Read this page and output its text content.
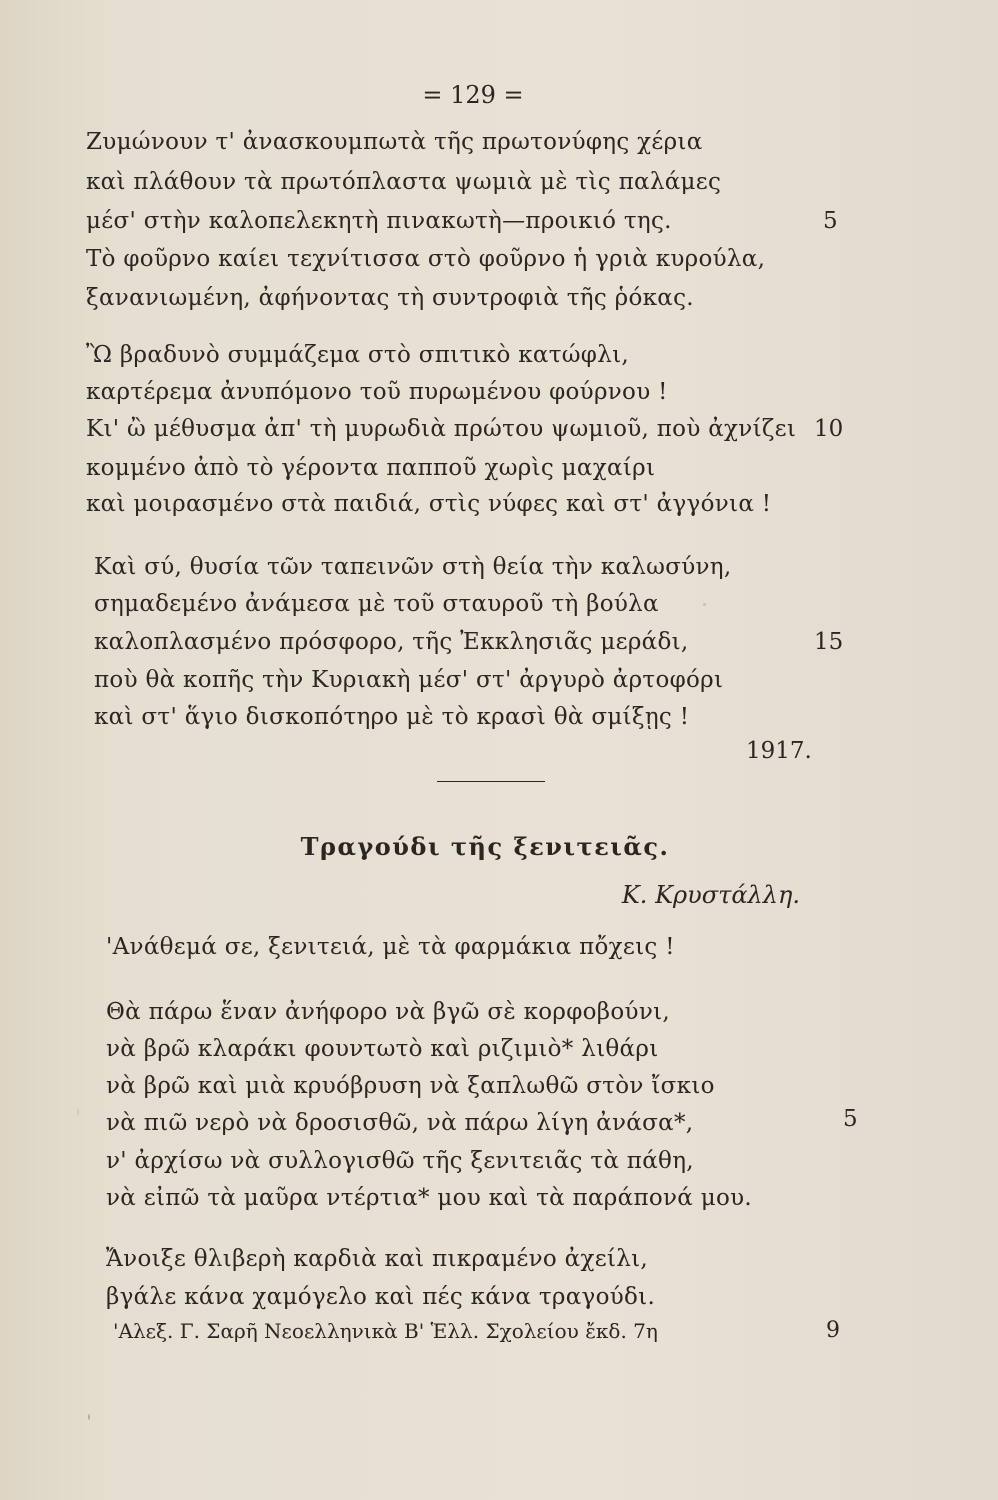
= 129 =
Ζυμώνουν τ' ἀνασκουμπωτὰ τῆς πρωτονύφης χέρια
καὶ πλάθουν τὰ πρωτόπλαστα ψωμιὰ μὲ τὶς παλάμες
μέσ' στὴν καλοπελεκητὴ πινακωτὴ—προικιό της.	5
Τὸ φοῦρνο καίει τεχνίτισσα στὸ φοῦρνο ἡ γριὰ κυρούλα,
ξανανιωμένη, ἀφήνοντας τὴ συντροφιὰ τῆς ῥόκας.
Ὢ βραδυνὸ συμμάζεμα στὸ σπιτικὸ κατώφλι,
καρτέρεμα ἀνυπόμονο τοῦ πυρωμένου φούρνου !
Κι' ὢ μέθυσμα ἀπ' τὴ μυρωδιὰ πρώτου ψωμιοῦ, ποὺ ἀχνίζει 10
κομμένο ἀπὸ τὸ γέροντα παπποῦ χωρὶς μαχαίρι
καὶ μοιρασμένο στὰ παιδιά, στὶς νύφες καὶ στ' ἀγγόνια !
Καὶ σύ, θυσία τῶν ταπεινῶν στὴ θεία τὴν καλωσύνη,
σημαδεμένο ἀνάμεσα μὲ τοῦ σταυροῦ τὴ βούλα
καλοπλασμένο πρόσφορο, τῆς Ἐκκλησιᾶς μεράδι,	15
ποὺ θὰ κοπῆς τὴν Κυριακὴ μέσ' στ' ἀργυρὸ ἀρτοφόρι
καὶ στ' ἅγιο δισκοπότηρο μὲ τὸ κρασὶ θὰ σμίξῃς !
1917.
Τραγούδι τῆς ξενιτειᾶς.
Κ. Κρυστάλλη.
'Ανάθεμά σε, ξενιτειά, μὲ τὰ φαρμάκια πὄχεις !
Θὰ πάρω ἕναν ἀνήφορο νὰ βγῶ σὲ κορφοβούνι,
νὰ βρῶ κλαράκι φουντωτὸ καὶ ριζιμιὸ* λιθάρι
νὰ βρῶ καὶ μιὰ κρυόβρυση νὰ ξαπλωθῶ στὸν ἴσκιο
νὰ πιῶ νερὸ νὰ δροσισθῶ, νὰ πάρω λίγη ἀνάσα*,	5
ν' ἀρχίσω νὰ συλλογισθῶ τῆς ξενιτειᾶς τὰ πάθη,
νὰ εἰπῶ τὰ μαῦρα ντέρτια* μου καὶ τὰ παράπονά μου.
Ἄνοιξε θλιβερὴ καρδιὰ καὶ πικραμένο ἀχείλι,
βγάλε κάνα χαμόγελο καὶ πές κάνα τραγούδι.
'Αλεξ. Γ. Σαρῆ Νεοελληνικὰ Β' Ἑλλ. Σχολείου ἔκδ. 7η	9
